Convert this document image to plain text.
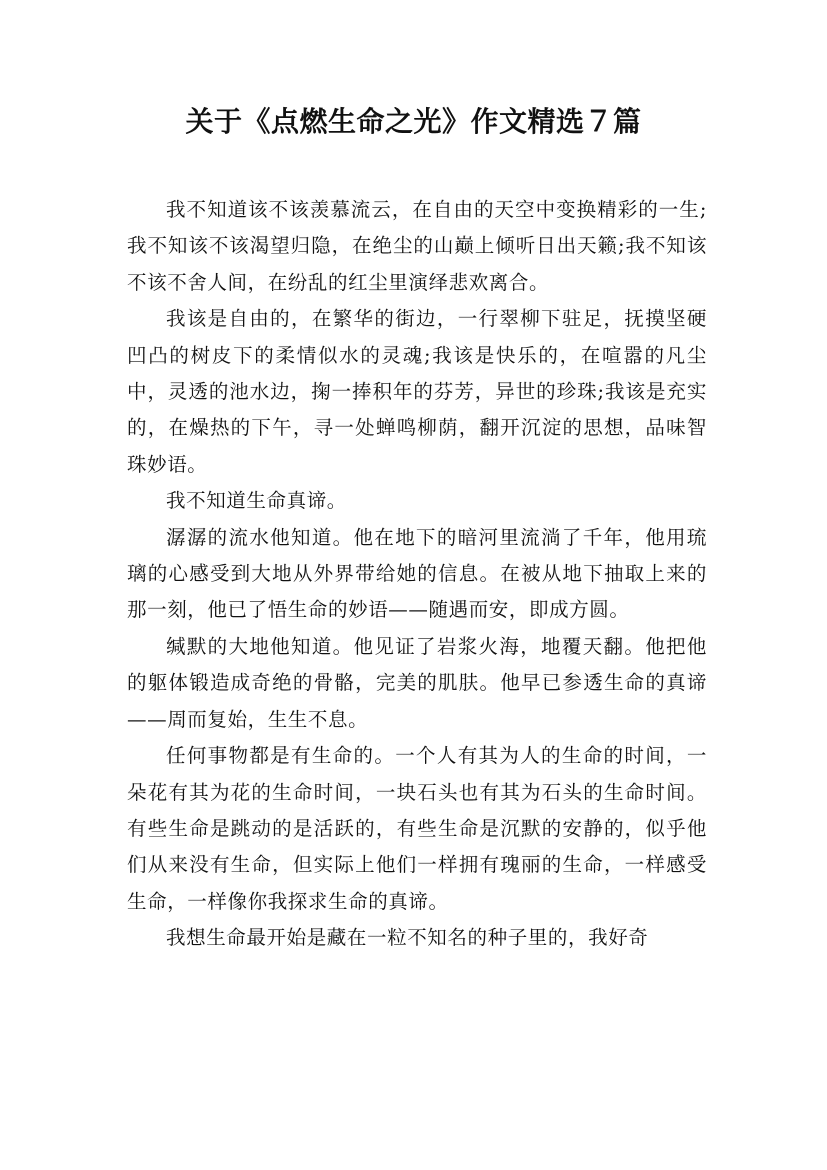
关于《点燃生命之光》作文精选７篇

我不知道该不该羡慕流云，在自由的天空中变换精彩的一生;我不知该不该渴望归隐，在绝尘的山巅上倾听日出天籁;我不知该不该不舍人间，在纷乱的红尘里演绎悲欢离合。

我该是自由的，在繁华的街边，一行翠柳下驻足，抚摸坚硬凹凸的树皮下的柔情似水的灵魂;我该是快乐的，在喧嚣的凡尘中，灵透的池水边，掬一捧积年的芬芳，异世的珍珠;我该是充实的，在燥热的下午，寻一处蝉鸣柳荫，翻开沉淀的思想，品味智珠妙语。

我不知道生命真谛。

潺潺的流水他知道。他在地下的暗河里流淌了千年，他用琉璃的心感受到大地从外界带给她的信息。在被从地下抽取上来的那一刻，他已了悟生命的妙语——随遇而安，即成方圆。

缄默的大地他知道。他见证了岩浆火海，地覆天翻。他把他的躯体锻造成奇绝的骨骼，完美的肌肤。他早已参透生命的真谛——周而复始，生生不息。

任何事物都是有生命的。一个人有其为人的生命的时间，一朵花有其为花的生命时间，一块石头也有其为石头的生命时间。有些生命是跳动的是活跃的，有些生命是沉默的安静的，似乎他们从来没有生命，但实际上他们一样拥有瑰丽的生命，一样感受生命，一样像你我探求生命的真谛。

我想生命最开始是藏在一粒不知名的种子里的，我好奇
